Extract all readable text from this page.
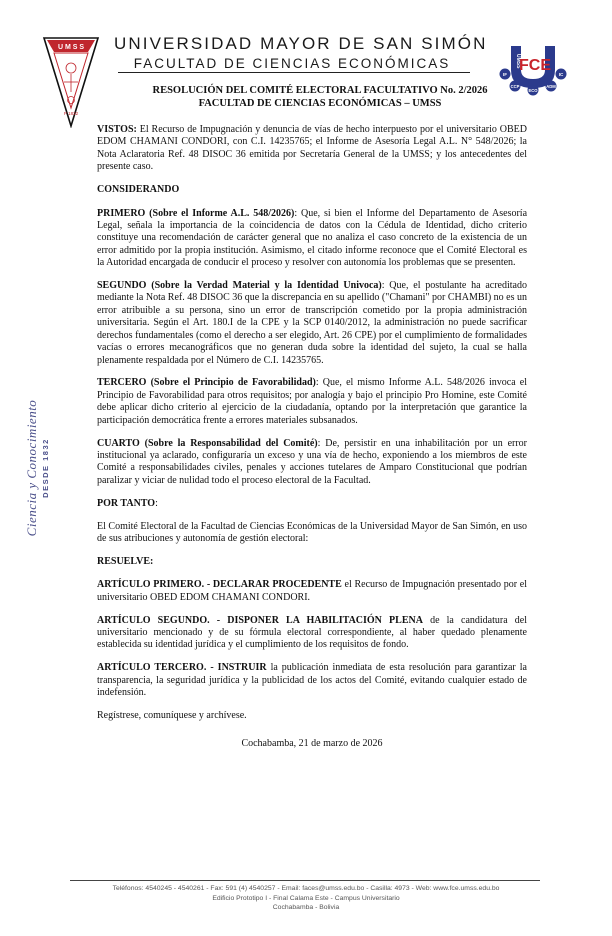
U M S S
P 1832
UNIVERSIDAD MAYOR DE SAN SIMÓN
FACULTAD DE CIENCIAS ECONÓMICAS	UMSS
FCE
IF	IC
CCP
ECO
ADM
RESOLUCIÓN DEL COMITÉ ELECTORAL FACULTATIVO No. 2/2026
FACULTAD DE CIENCIAS ECONÓMICAS – UMSS
Ciencia y Conocimiento DESDE 1832

VISTOS: El Recurso de Impugnación y denuncia de vías de hecho interpuesto por el universitario OBED EDOM CHAMANI CONDORI, con C.I. 14235765; el Informe de Asesoría Legal A.L. N° 548/2026; la Nota Aclaratoria Ref. 48 DISOC 36 emitida por Secretaría General de la UMSS; y los antecedentes del presente caso.

CONSIDERANDO

PRIMERO (Sobre el Informe A.L. 548/2026): Que, si bien el Informe del Departamento de Asesoría Legal, señala la importancia de la coincidencia de datos con la Cédula de Identidad, dicho criterio constituye una recomendación de carácter general que no analiza el caso concreto de la existencia de un error admitido por la propia institución. Asimismo, el citado informe reconoce que el Comité Electoral es la Autoridad encargada de conducir el proceso y resolver con autonomía los problemas que se presenten.

SEGUNDO (Sobre la Verdad Material y la Identidad Univoca): Que, el postulante ha acreditado mediante la Nota Ref. 48 DISOC 36 que la discrepancia en su apellido ("Chamani" por CHAMBI) no es un error atribuible a su persona, sino un error de transcripción cometido por la propia administración universitaria. Según el Art. 180.I de la CPE y la SCP 0140/2012, la administración no puede sacrificar derechos fundamentales (como el derecho a ser elegido, Art. 26 CPE) por el cumplimiento de formalidades vacías o errores mecanográficos que no generan duda sobre la identidad del sujeto, la cual se halla plenamente respaldada por el Número de C.I. 14235765.

TERCERO (Sobre el Principio de Favorabilidad): Que, el mismo Informe A.L. 548/2026 invoca el Principio de Favorabilidad para otros requisitos; por analogía y bajo el principio Pro Homine, este Comité debe aplicar dicho criterio al ejercicio de la ciudadanía, optando por la interpretación que garantice la participación democrática frente a errores materiales subsanados.

CUARTO (Sobre la Responsabilidad del Comité): De, persistir en una inhabilitación por un error institucional ya aclarado, configuraría un exceso y una vía de hecho, exponiendo a los miembros de este Comité a responsabilidades civiles, penales y acciones tutelares de Amparo Constitucional que podrían paralizar y viciar de nulidad todo el proceso electoral de la Facultad.

POR TANTO:

El Comité Electoral de la Facultad de Ciencias Económicas de la Universidad Mayor de San Simón, en uso de sus atribuciones y autonomía de gestión electoral:

RESUELVE:

ARTÍCULO PRIMERO. - DECLARAR PROCEDENTE el Recurso de Impugnación presentado por el universitario OBED EDOM CHAMANI CONDORI.

ARTÍCULO SEGUNDO. - DISPONER LA HABILITACIÓN PLENA de la candidatura del universitario mencionado y de su fórmula electoral correspondiente, al haber quedado plenamente establecida su identidad jurídica y el cumplimiento de los requisitos de fondo.

ARTÍCULO TERCERO. - INSTRUIR la publicación inmediata de esta resolución para garantizar la transparencia, la seguridad jurídica y la publicidad de los actos del Comité, evitando cualquier estado de indefensión.

Regístrese, comuníquese y archívese.

Cochabamba, 21 de marzo de 2026

Teléfonos: 4540245 - 4540261 - Fax: 591 (4) 4540257 - Email: faces@umss.edu.bo - Casilla: 4973 - Web: www.fce.umss.edu.bo
Edificio Prototipo I - Final Calama Este - Campus Universitario
Cochabamba - Bolivia
